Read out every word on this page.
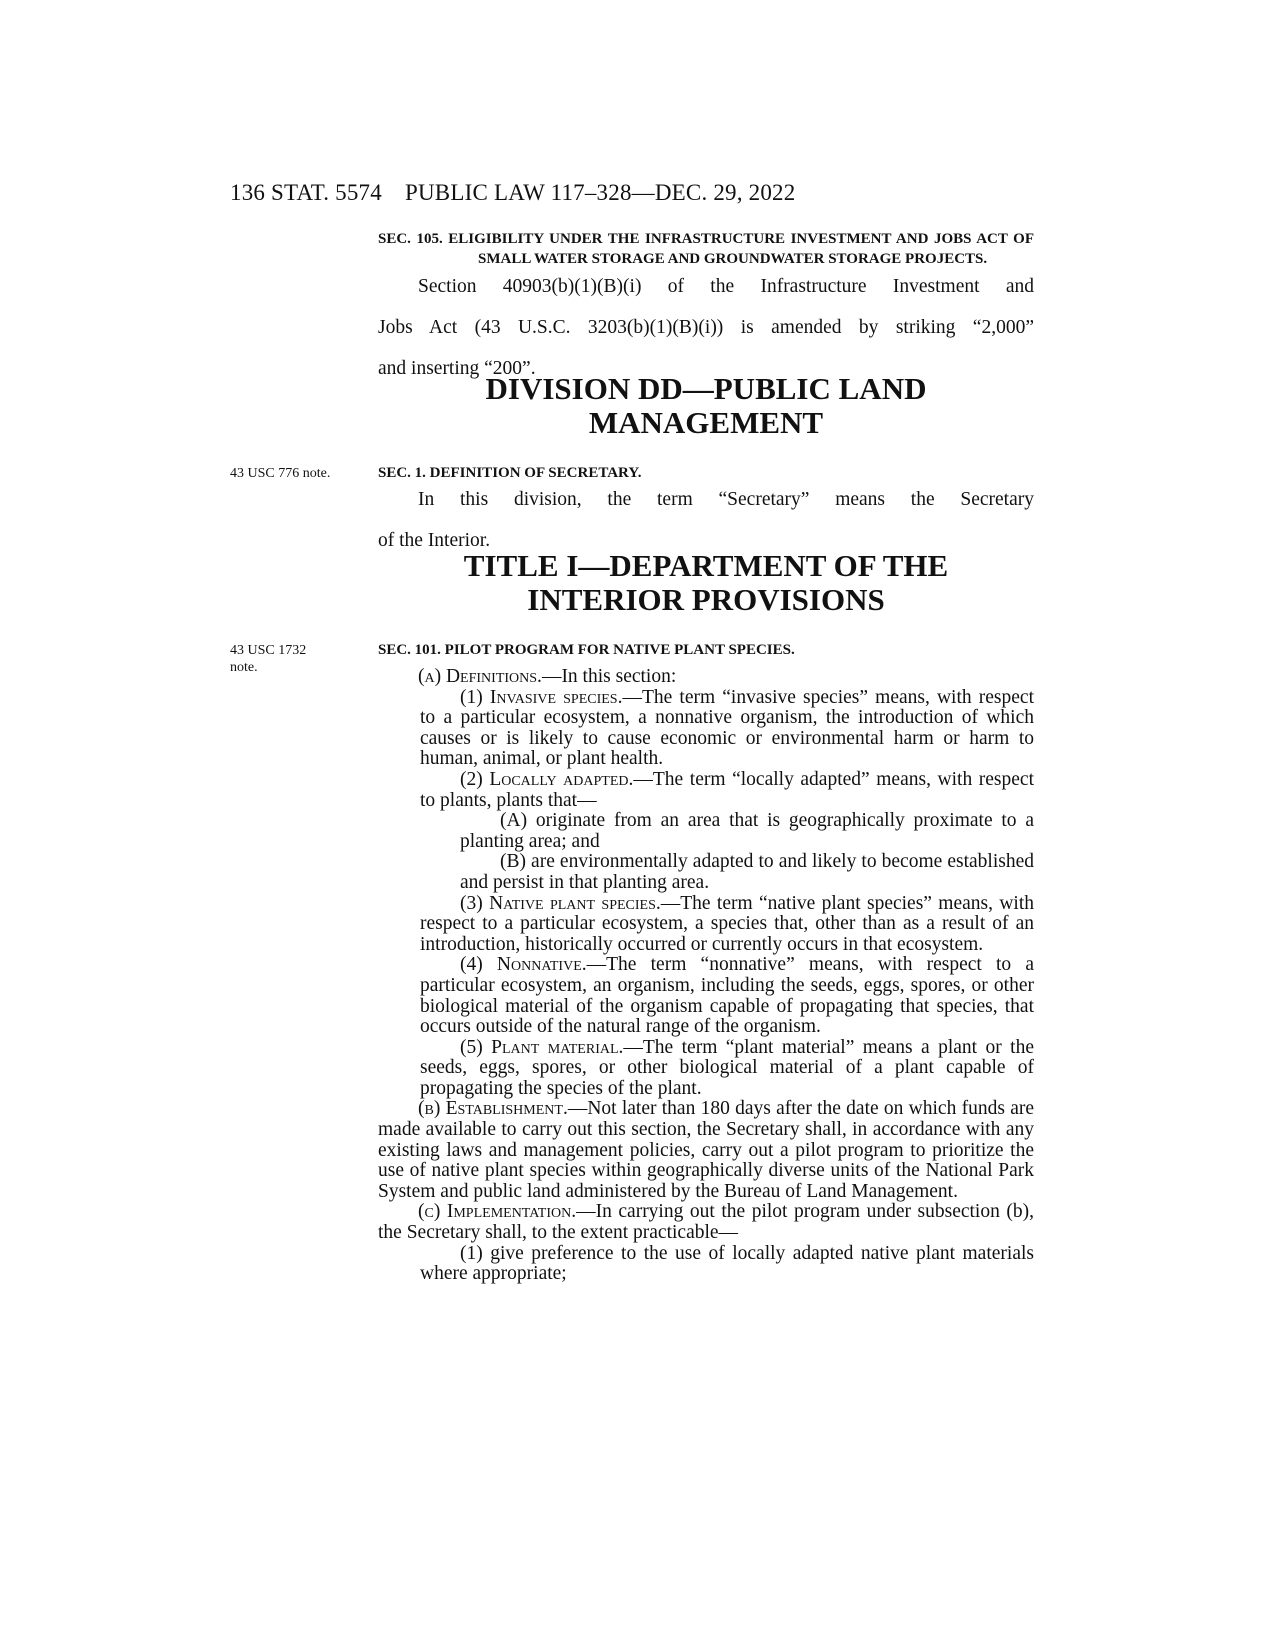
136 STAT. 5574 PUBLIC LAW 117–328—DEC. 29, 2022

SEC. 105. ELIGIBILITY UNDER THE INFRASTRUCTURE INVESTMENT AND JOBS ACT OF SMALL WATER STORAGE AND GROUNDWATER STORAGE PROJECTS.

Section 40903(b)(1)(B)(i) of the Infrastructure Investment and

Jobs Act (43 U.S.C. 3203(b)(1)(B)(i)) is amended by striking “2,000”

and inserting “200”.

DIVISION DD—PUBLIC LAND
MANAGEMENT
43 USC 776 note.	SEC. 1. DEFINITION OF SECRETARY.

In this division, the term “Secretary” means the Secretary

of the Interior.

TITLE I—DEPARTMENT OF THE
INTERIOR PROVISIONS
43 USC 1732
note.

SEC. 101. PILOT PROGRAM FOR NATIVE PLANT SPECIES.

(a) Definitions.—In this section:

(1) Invasive species.—The term “invasive species” means, with respect to a particular ecosystem, a nonnative organism, the introduction of which causes or is likely to cause economic or environmental harm or harm to human, animal, or plant health.

(2) Locally adapted.—The term “locally adapted” means, with respect to plants, plants that—

(A) originate from an area that is geographically proximate to a planting area; and

(B) are environmentally adapted to and likely to become established and persist in that planting area.

(3) Native plant species.—The term “native plant species” means, with respect to a particular ecosystem, a species that, other than as a result of an introduction, historically occurred or currently occurs in that ecosystem.

(4) Nonnative.—The term “nonnative” means, with respect to a particular ecosystem, an organism, including the seeds, eggs, spores, or other biological material of the organism capable of propagating that species, that occurs outside of the natural range of the organism.

(5) Plant material.—The term “plant material” means a plant or the seeds, eggs, spores, or other biological material of a plant capable of propagating the species of the plant.

(b) Establishment.—Not later than 180 days after the date on which funds are made available to carry out this section, the Secretary shall, in accordance with any existing laws and management policies, carry out a pilot program to prioritize the use of native plant species within geographically diverse units of the National Park System and public land administered by the Bureau of Land Management.

(c) Implementation.—In carrying out the pilot program under subsection (b), the Secretary shall, to the extent practicable—

(1) give preference to the use of locally adapted native plant materials where appropriate;
